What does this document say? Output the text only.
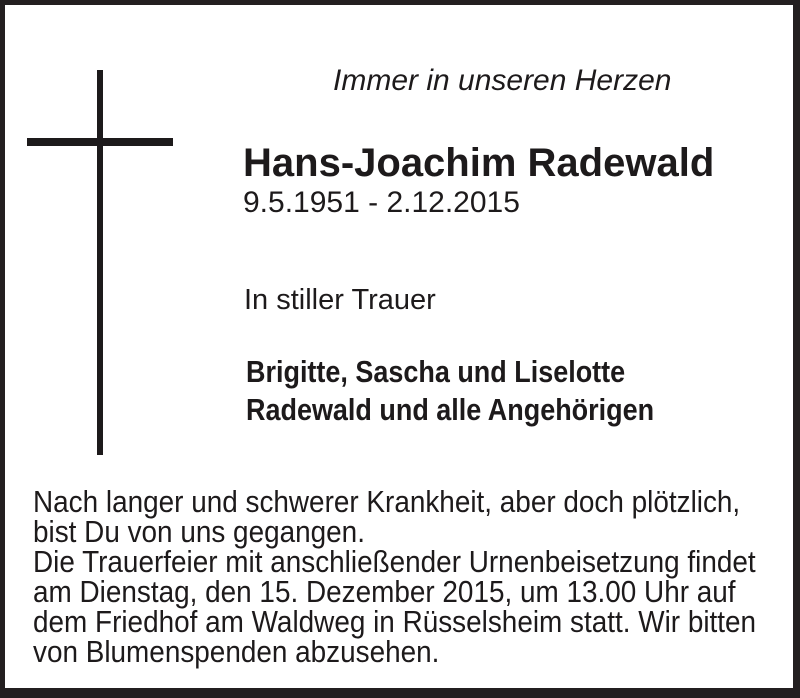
Immer in unseren Herzen
Hans-Joachim Radewald
9.5.1951 - 2.12.2015
In stiller Trauer
Brigitte, Sascha und Liselotte
Radewald und alle Angehörigen
Nach langer und schwerer Krankheit, aber doch plötzlich,
bist Du von uns gegangen.
Die Trauerfeier mit anschließender Urnenbeisetzung findet
am Dienstag, den 15. Dezember 2015, um 13.00 Uhr auf
dem Friedhof am Waldweg in Rüsselsheim statt. Wir bitten
von Blumenspenden abzusehen.
